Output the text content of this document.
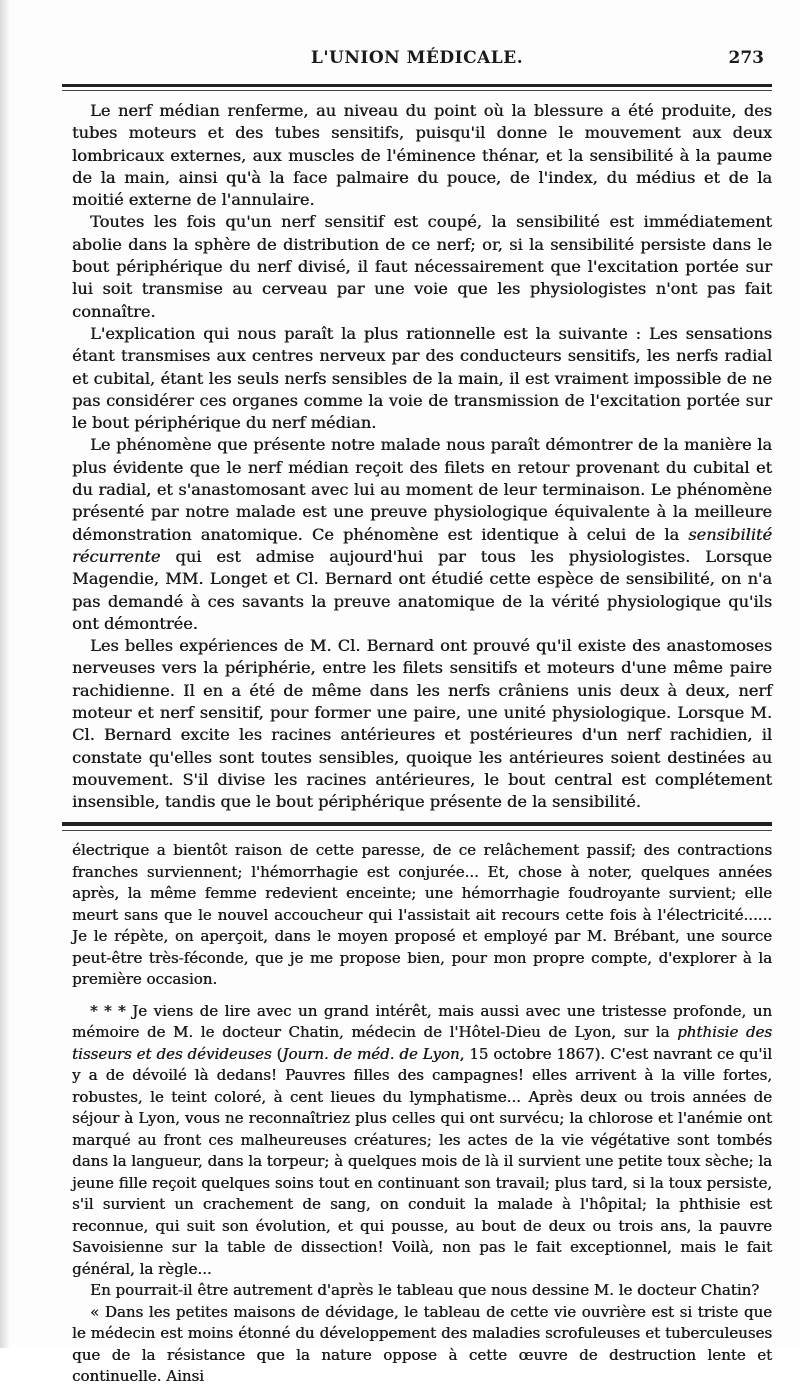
L'UNION MÉDICALE.	273

Le nerf médian renferme, au niveau du point où la blessure a été produite, des tubes moteurs et des tubes sensitifs, puisqu'il donne le mouvement aux deux lombricaux externes, aux muscles de l'éminence thénar, et la sensibilité à la paume de la main, ainsi qu'à la face palmaire du pouce, de l'index, du médius et de la moitié externe de l'annulaire.

Toutes les fois qu'un nerf sensitif est coupé, la sensibilité est immédiatement abolie dans la sphère de distribution de ce nerf; or, si la sensibilité persiste dans le bout périphérique du nerf divisé, il faut nécessairement que l'excitation portée sur lui soit transmise au cerveau par une voie que les physiologistes n'ont pas fait connaître.

L'explication qui nous paraît la plus rationnelle est la suivante : Les sensations étant transmises aux centres nerveux par des conducteurs sensitifs, les nerfs radial et cubital, étant les seuls nerfs sensibles de la main, il est vraiment impossible de ne pas considérer ces organes comme la voie de transmission de l'excitation portée sur le bout périphérique du nerf médian.

Le phénomène que présente notre malade nous paraît démontrer de la manière la plus évidente que le nerf médian reçoit des filets en retour provenant du cubital et du radial, et s'anastomosant avec lui au moment de leur terminaison. Le phénomène présenté par notre malade est une preuve physiologique équivalente à la meilleure démonstration anatomique. Ce phénomène est identique à celui de la sensibilité récurrente qui est admise aujourd'hui par tous les physiologistes. Lorsque Magendie, MM. Longet et Cl. Bernard ont étudié cette espèce de sensibilité, on n'a pas demandé à ces savants la preuve anatomique de la vérité physiologique qu'ils ont démontrée.

Les belles expériences de M. Cl. Bernard ont prouvé qu'il existe des anastomoses nerveuses vers la périphérie, entre les filets sensitifs et moteurs d'une même paire rachidienne. Il en a été de même dans les nerfs crâniens unis deux à deux, nerf moteur et nerf sensitif, pour former une paire, une unité physiologique. Lorsque M. Cl. Bernard excite les racines antérieures et postérieures d'un nerf rachidien, il constate qu'elles sont toutes sensibles, quoique les antérieures soient destinées au mouvement. S'il divise les racines antérieures, le bout central est complétement insensible, tandis que le bout périphérique présente de la sensibilité.

électrique a bientôt raison de cette paresse, de ce relâchement passif; des contractions franches surviennent; l'hémorrhagie est conjurée... Et, chose à noter, quelques années après, la même femme redevient enceinte; une hémorrhagie foudroyante survient; elle meurt sans que le nouvel accoucheur qui l'assistait ait recours cette fois à l'électricité...... Je le répète, on aperçoit, dans le moyen proposé et employé par M. Brébant, une source peut-être très-féconde, que je me propose bien, pour mon propre compte, d'explorer à la première occasion.

* * * Je viens de lire avec un grand intérêt, mais aussi avec une tristesse profonde, un mémoire de M. le docteur Chatin, médecin de l'Hôtel-Dieu de Lyon, sur la phthisie des tisseurs et des dévideuses (Journ. de méd. de Lyon, 15 octobre 1867). C'est navrant ce qu'il y a de dévoilé là dedans! Pauvres filles des campagnes! elles arrivent à la ville fortes, robustes, le teint coloré, à cent lieues du lymphatisme... Après deux ou trois années de séjour à Lyon, vous ne reconnaîtriez plus celles qui ont survécu; la chlorose et l'anémie ont marqué au front ces malheureuses créatures; les actes de la vie végétative sont tombés dans la langueur, dans la torpeur; à quelques mois de là il survient une petite toux sèche; la jeune fille reçoit quelques soins tout en continuant son travail; plus tard, si la toux persiste, s'il survient un crachement de sang, on conduit la malade à l'hôpital; la phthisie est reconnue, qui suit son évolution, et qui pousse, au bout de deux ou trois ans, la pauvre Savoisienne sur la table de dissection! Voilà, non pas le fait exceptionnel, mais le fait général, la règle...

En pourrait-il être autrement d'après le tableau que nous dessine M. le docteur Chatin?

« Dans les petites maisons de dévidage, le tableau de cette vie ouvrière est si triste que le médecin est moins étonné du développement des maladies scrofuleuses et tuberculeuses que de la résistance que la nature oppose à cette œuvre de destruction lente et continuelle. Ainsi
